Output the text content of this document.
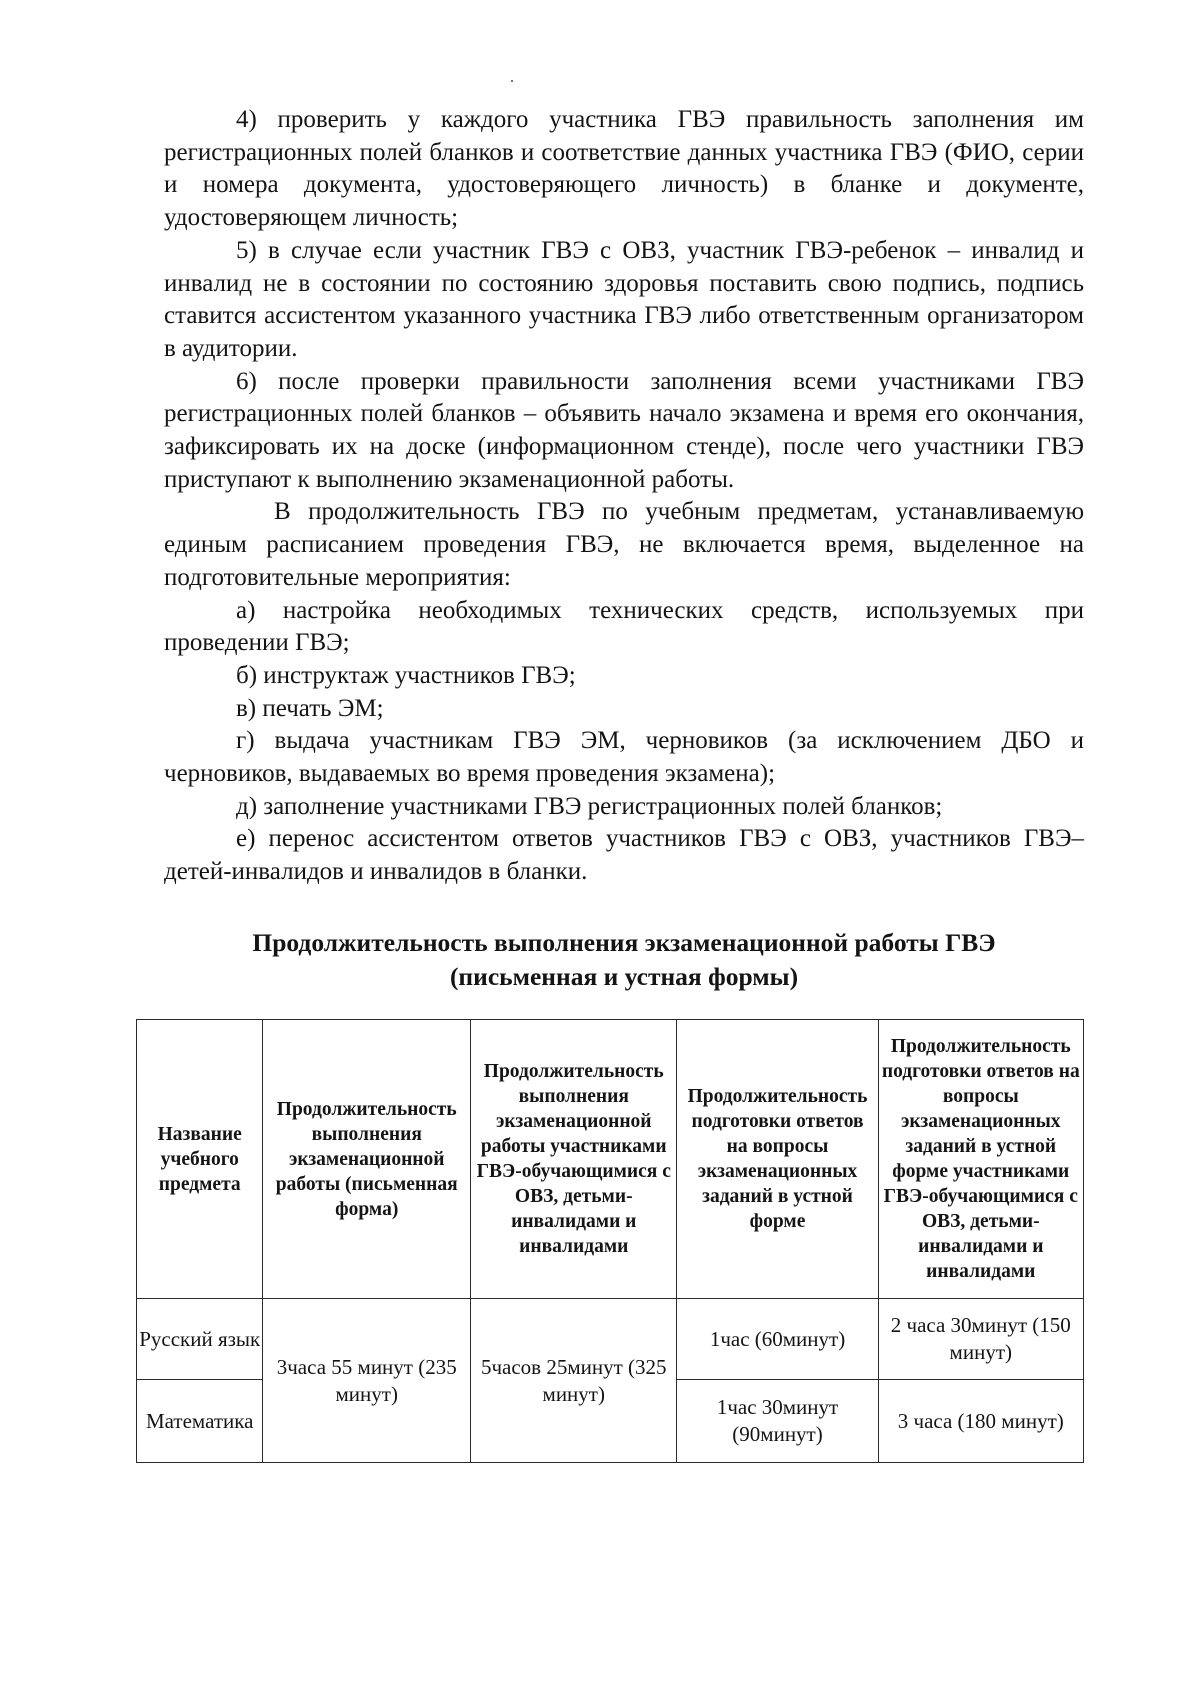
4) проверить у каждого участника ГВЭ правильность заполнения им регистрационных полей бланков и соответствие данных участника ГВЭ (ФИО, серии и номера документа, удостоверяющего личность) в бланке и документе, удостоверяющем личность;

5) в случае если участник ГВЭ с ОВЗ, участник ГВЭ-ребенок – инвалид и инвалид не в состоянии по состоянию здоровья поставить свою подпись, подпись ставится ассистентом указанного участника ГВЭ либо ответственным организатором в аудитории.

6) после проверки правильности заполнения всеми участниками ГВЭ регистрационных полей бланков – объявить начало экзамена и время его окончания, зафиксировать их на доске (информационном стенде), после чего участники ГВЭ приступают к выполнению экзаменационной работы.

В продолжительность ГВЭ по учебным предметам, устанавливаемую единым расписанием проведения ГВЭ, не включается время, выделенное на подготовительные мероприятия:

а) настройка необходимых технических средств, используемых при проведении ГВЭ;

б) инструктаж участников ГВЭ;

в) печать ЭМ;

г) выдача участникам ГВЭ ЭМ, черновиков (за исключением ДБО и черновиков, выдаваемых во время проведения экзамена);

д) заполнение участниками ГВЭ регистрационных полей бланков;

е) перенос ассистентом ответов участников ГВЭ с ОВЗ, участников ГВЭ–детей-инвалидов и инвалидов в бланки.

Продолжительность выполнения экзаменационной работы ГВЭ
(письменная и устная формы)
Название учебного предмета	Продолжительность выполнения экзаменационной работы (письменная форма)	Продолжительность выполнения экзаменационной работы участниками ГВЭ-обучающимися с ОВЗ, детьми-инвалидами и инвалидами	Продолжительность подготовки ответов на вопросы экзаменационных заданий в устной форме	Продолжительность подготовки ответов на вопросы экзаменационных заданий в устной форме участниками ГВЭ-обучающимися с ОВЗ, детьми-инвалидами и инвалидами
Русский язык	3часа 55 минут (235 минут)	5часов 25минут (325 минут)	1час (60минут)	2 часа 30минут (150 минут)
Математика			1час 30минут (90минут)	3 часа (180 минут)
